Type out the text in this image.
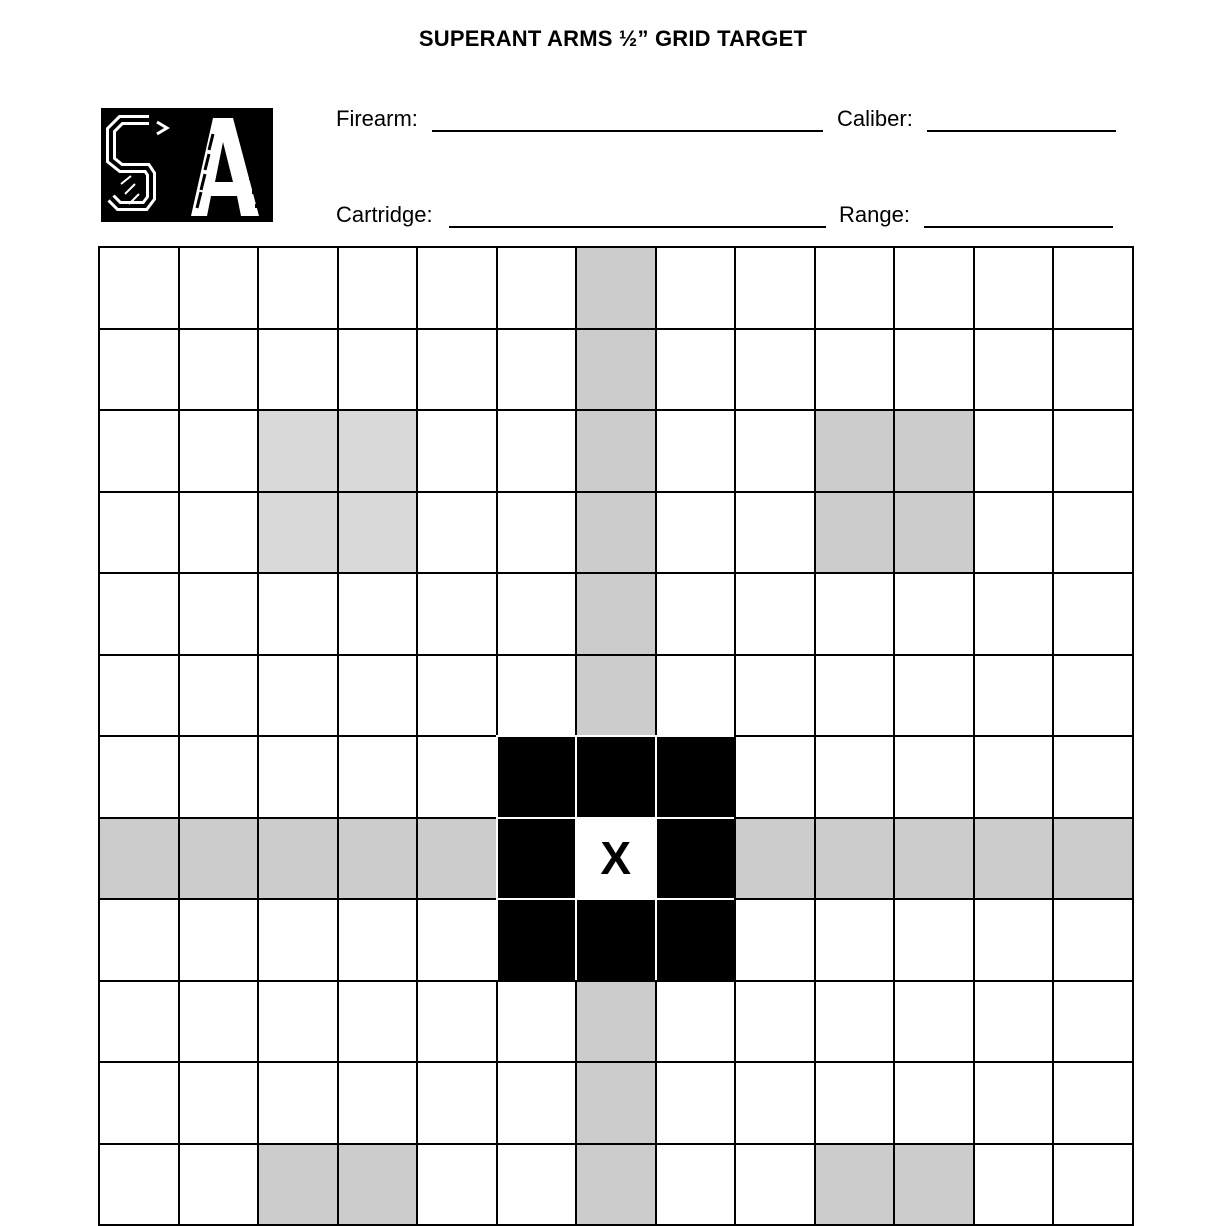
SUPERANT ARMS ½” GRID TARGET
Firearm:	Caliber:
Cartridge:	Range:
X
